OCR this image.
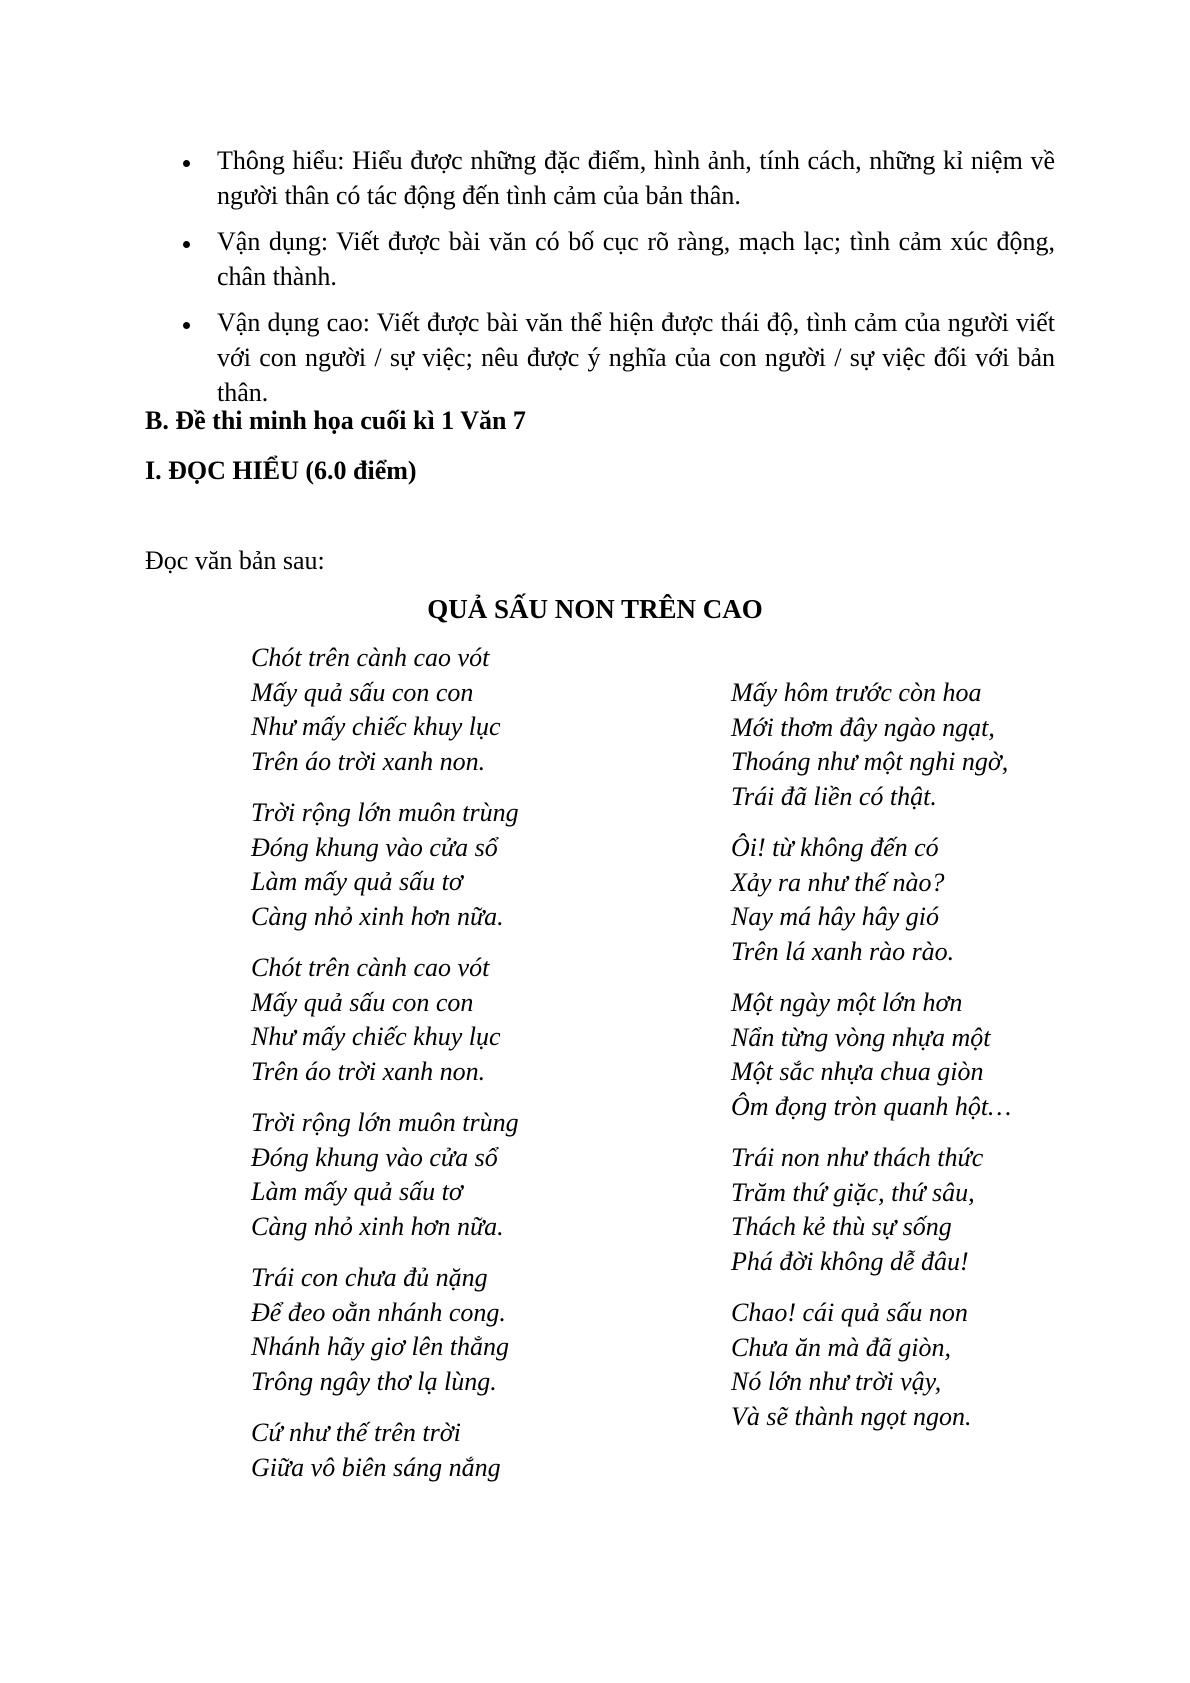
Thông hiểu: Hiểu được những đặc điểm, hình ảnh, tính cách, những kỉ niệm về người thân có tác động đến tình cảm của bản thân.
Vận dụng: Viết được bài văn có bố cục rõ ràng, mạch lạc; tình cảm xúc động, chân thành.
Vận dụng cao: Viết được bài văn thể hiện được thái độ, tình cảm của người viết với con người / sự việc; nêu được ý nghĩa của con người / sự việc đối với bản thân.
B. Đề thi minh họa cuối kì 1 Văn 7
I. ĐỌC HIỂU (6.0 điểm)

Đọc văn bản sau:

QUẢ SẤU NON TRÊN CAO
Chót trên cành cao vót
Mấy quả sấu con con
Như mấy chiếc khuy lục
Trên áo trời xanh non.
Trời rộng lớn muôn trùng
Đóng khung vào cửa sổ
Làm mấy quả sấu tơ
Càng nhỏ xinh hơn nữa.
Chót trên cành cao vót
Mấy quả sấu con con
Như mấy chiếc khuy lục
Trên áo trời xanh non.
Trời rộng lớn muôn trùng
Đóng khung vào cửa sổ
Làm mấy quả sấu tơ
Càng nhỏ xinh hơn nữa.
Trái con chưa đủ nặng
Để đeo oằn nhánh cong.
Nhánh hãy giơ lên thẳng
Trông ngây thơ lạ lùng.
Cứ như thế trên trời
Giữa vô biên sáng nắng
Mấy hôm trước còn hoa
Mới thơm đây ngào ngạt,
Thoáng như một nghi ngờ,
Trái đã liền có thật.
Ôi! từ không đến có
Xảy ra như thế nào?
Nay má hây hây gió
Trên lá xanh rào rào.
Một ngày một lớn hơn
Nẩn từng vòng nhựa một
Một sắc nhựa chua giòn
Ôm đọng tròn quanh hột…
Trái non như thách thức
Trăm thứ giặc, thứ sâu,
Thách kẻ thù sự sống
Phá đời không dễ đâu!
Chao! cái quả sấu non
Chưa ăn mà đã giòn,
Nó lớn như trời vậy,
Và sẽ thành ngọt ngon.
